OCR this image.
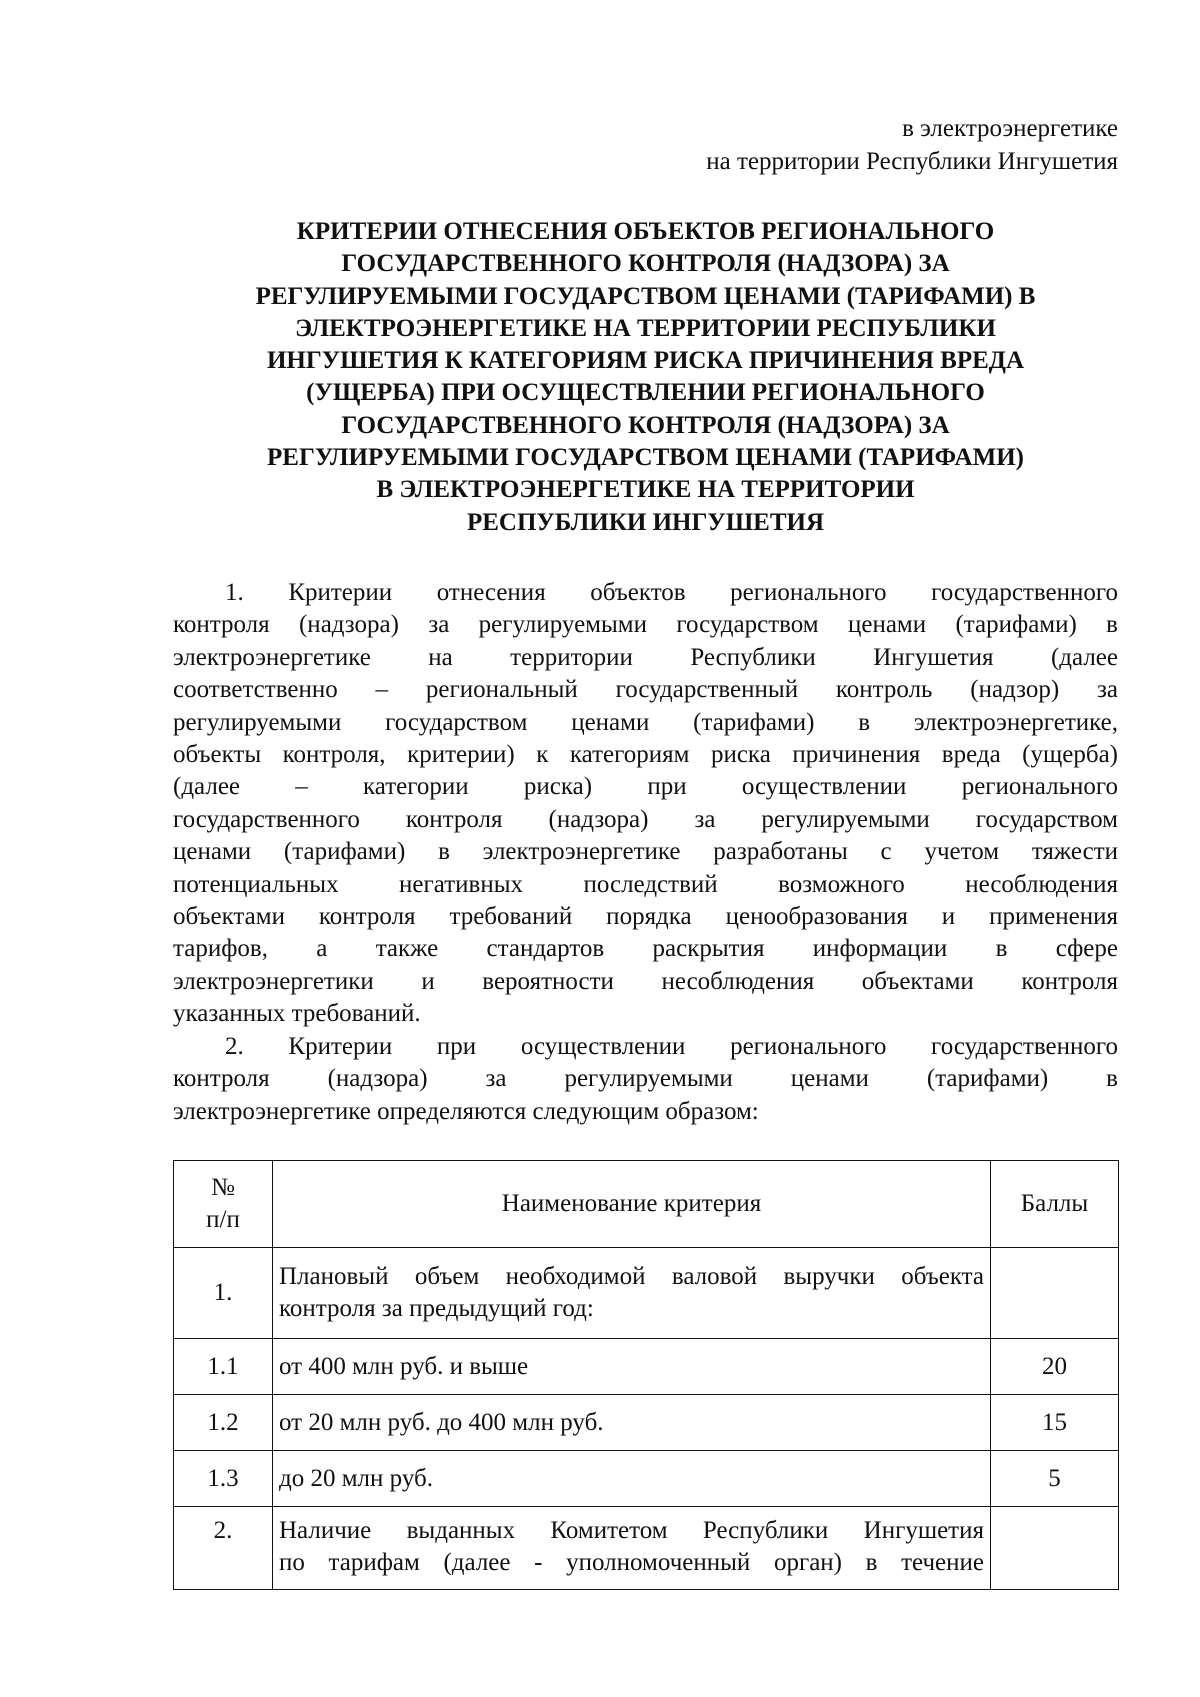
в электроэнергетике
на территории Республики Ингушетия
КРИТЕРИИ ОТНЕСЕНИЯ ОБЪЕКТОВ РЕГИОНАЛЬНОГО
ГОСУДАРСТВЕННОГО КОНТРОЛЯ (НАДЗОРА) ЗА
РЕГУЛИРУЕМЫМИ ГОСУДАРСТВОМ ЦЕНАМИ (ТАРИФАМИ) В
ЭЛЕКТРОЭНЕРГЕТИКЕ НА ТЕРРИТОРИИ РЕСПУБЛИКИ
ИНГУШЕТИЯ К КАТЕГОРИЯМ РИСКА ПРИЧИНЕНИЯ ВРЕДА
(УЩЕРБА) ПРИ ОСУЩЕСТВЛЕНИИ РЕГИОНАЛЬНОГО
ГОСУДАРСТВЕННОГО КОНТРОЛЯ (НАДЗОРА) ЗА
РЕГУЛИРУЕМЫМИ ГОСУДАРСТВОМ ЦЕНАМИ (ТАРИФАМИ)
В ЭЛЕКТРОЭНЕРГЕТИКЕ НА ТЕРРИТОРИИ
РЕСПУБЛИКИ ИНГУШЕТИЯ
1. Критерии отнесения объектов регионального государственного
контроля (надзора) за регулируемыми государством ценами (тарифами) в
электроэнергетике на территории Республики Ингушетия (далее
соответственно – региональный государственный контроль (надзор) за
регулируемыми государством ценами (тарифами) в электроэнергетике,
объекты контроля, критерии) к категориям риска причинения вреда (ущерба)
(далее – категории риска) при осуществлении регионального
государственного контроля (надзора) за регулируемыми государством
ценами (тарифами) в электроэнергетике разработаны с учетом тяжести
потенциальных негативных последствий возможного несоблюдения
объектами контроля требований порядка ценообразования и применения
тарифов, а также стандартов раскрытия информации в сфере
электроэнергетики и вероятности несоблюдения объектами контроля
указанных требований.
2. Критерии при осуществлении регионального государственного
контроля (надзора) за регулируемыми ценами (тарифами) в
электроэнергетике определяются следующим образом:
№
п/п	Наименование критерия	Баллы
1.	Плановый объем необходимой валовой выручки объекта
контроля за предыдущий год:	

1.1	от 400 млн руб. и выше	20
1.2	от 20 млн руб. до 400 млн руб.	15
1.3	до 20 млн руб.	5
2.	Наличие выданных Комитетом Республики Ингушетия
по тарифам (далее - уполномоченный орган) в течение	
